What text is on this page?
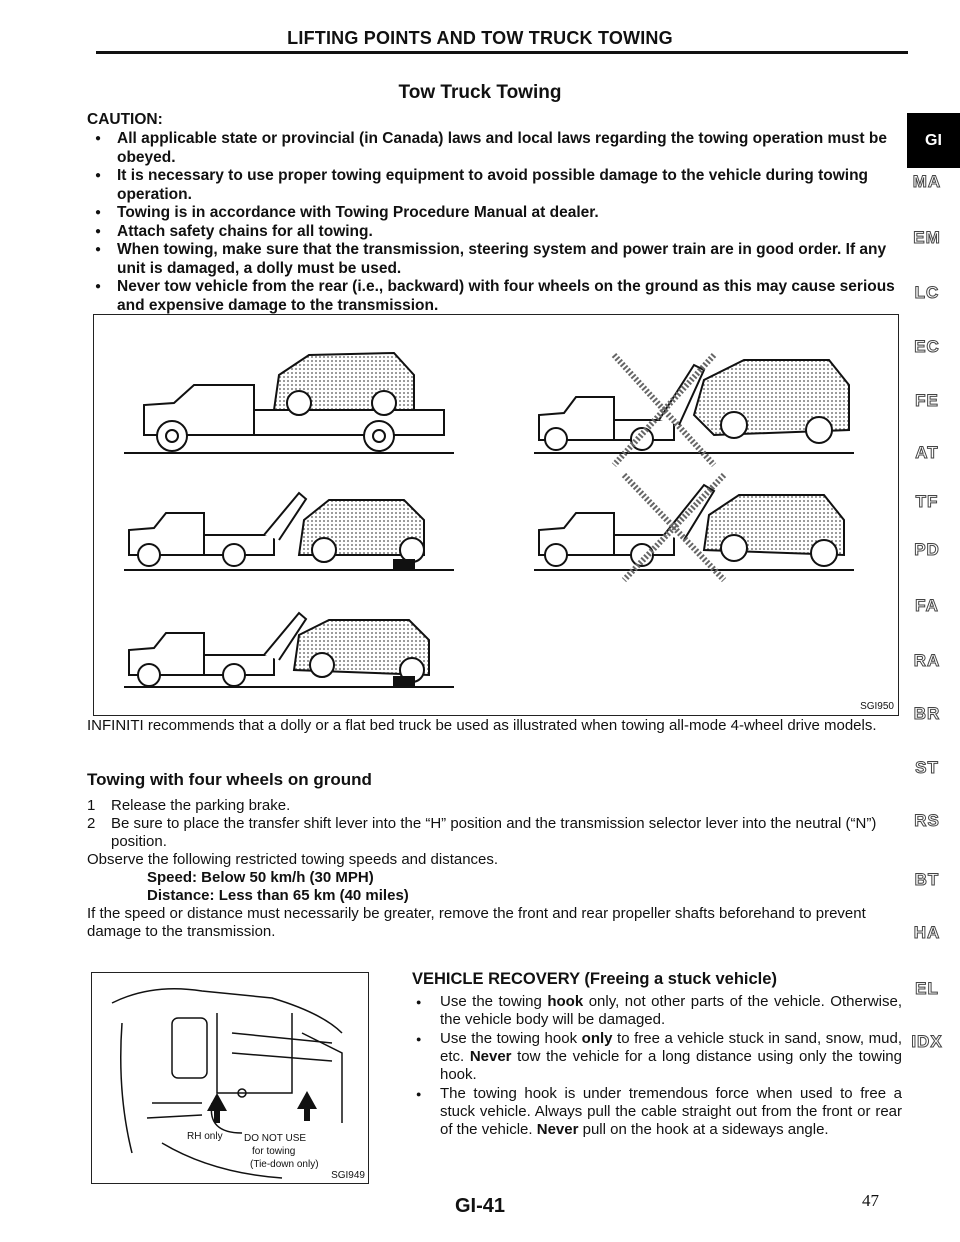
LIFTING POINTS AND TOW TRUCK TOWING
Tow Truck Towing
CAUTION:
● All applicable state or provincial (in Canada) laws and local laws regarding the towing operation must be obeyed.
● It is necessary to use proper towing equipment to avoid possible damage to the vehicle during towing operation.
● Towing is in accordance with Towing Procedure Manual at dealer.
● Attach safety chains for all towing.
● When towing, make sure that the transmission, steering system and power train are in good order. If any unit is damaged, a dolly must be used.
● Never tow vehicle from the rear (i.e., backward) with four wheels on the ground as this may cause serious and expensive damage to the transmission.
SGI950
INFINITI recommends that a dolly or a flat bed truck be used as illustrated when towing all-mode 4-wheel drive models.
Towing with four wheels on ground
1 Release the parking brake.
2	Be sure to place the transfer shift lever into the “H” position and the transmission selector lever into the neutral (“N”) position.
Observe the following restricted towing speeds and distances.
Speed: Below 50 km/h (30 MPH)
Distance: Less than 65 km (40 miles)
If the speed or distance must necessarily be greater, remove the front and rear propeller shafts beforehand to prevent damage to the transmission.
RH only DO NOT USE
for towing
(Tie-down only)
SGI949
VEHICLE RECOVERY (Freeing a stuck vehicle)
● Use the towing hook only, not other parts of the vehicle. Otherwise, the vehicle body will be damaged.
● Use the towing hook only to free a vehicle stuck in sand, snow, mud, etc. Never tow the vehicle for a long distance using only the towing hook.
● The towing hook is under tremendous force when used to free a stuck vehicle. Always pull the cable straight out from the front or rear of the vehicle. Never pull on the hook at a sideways angle.
GI-41	47
GI
MA
EM
LC
EC
FE
AT
TF
PD
FA
RA
BR
ST
RS
BT
HA
EL
IDX
